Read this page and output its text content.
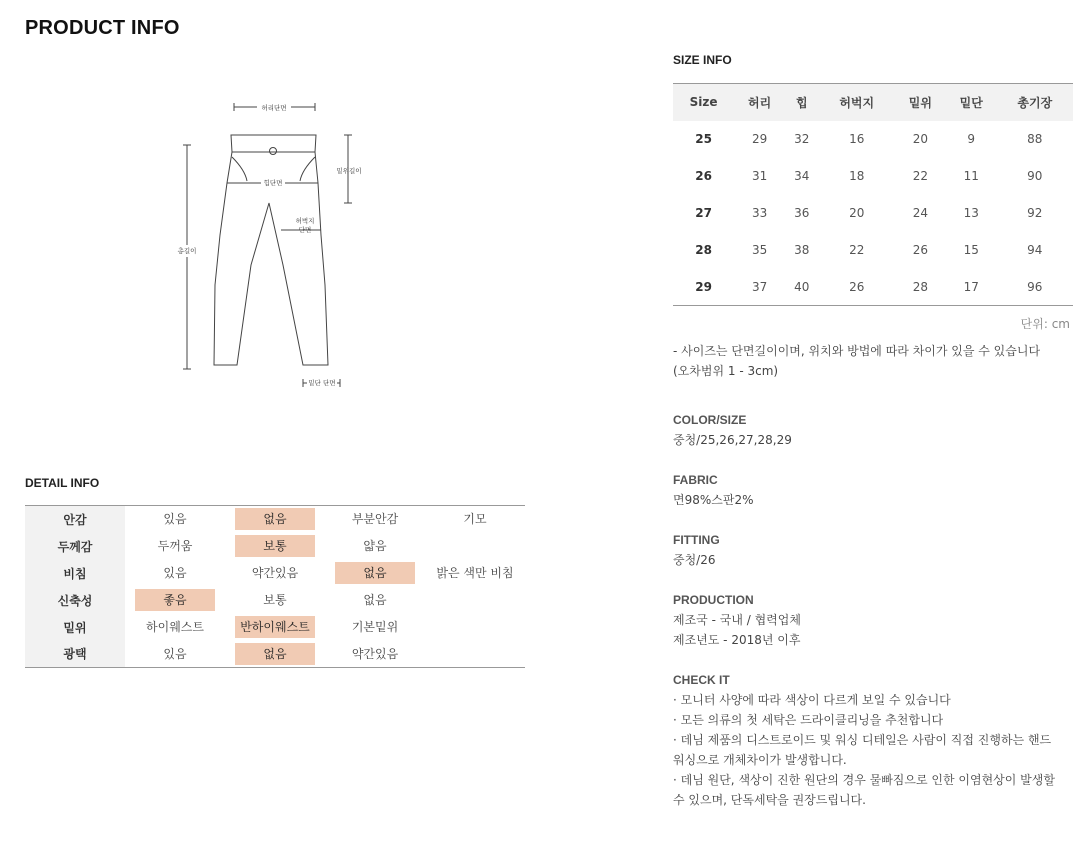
PRODUCT INFO
허리단면
힙단면
밑위길이
허벅지
단면
총길이
밑단 단면
DETAIL INFO
안감	있음	없음	부분안감	기모
두께감	두꺼움	보통	얇음	
비침	있음	약간있음	없음	밝은 색만 비침
신축성	좋음	보통	없음	
밑위	하이웨스트	반하이웨스트	기본밑위	
광택	있음	없음	약간있음	
SIZE INFO
Size	허리	힙	허벅지	밑위	밑단	총기장
25	29	32	16	20	9	88
26	31	34	18	22	11	90
27	33	36	20	24	13	92
28	35	38	22	26	15	94
29	37	40	26	28	17	96
단위: cm
- 사이즈는 단면길이이며, 위치와 방법에 따라 차이가 있을 수 있습니다
(오차범위 1 - 3cm)
COLOR/SIZE
중청/25,26,27,28,29
FABRIC
면98%스판2%
FITTING
중청/26
PRODUCTION
제조국 - 국내 / 협력업체
제조년도 - 2018년 이후
CHECK IT
· 모니터 사양에 따라 색상이 다르게 보일 수 있습니다
· 모든 의류의 첫 세탁은 드라이클리닝을 추천합니다
· 데님 제품의 디스트로이드 및 워싱 디테일은 사람이 직접 진행하는 핸드
워싱으로 개체차이가 발생합니다.
· 데님 원단, 색상이 진한 원단의 경우 물빠짐으로 인한 이염현상이 발생할
수 있으며, 단독세탁을 권장드립니다.
